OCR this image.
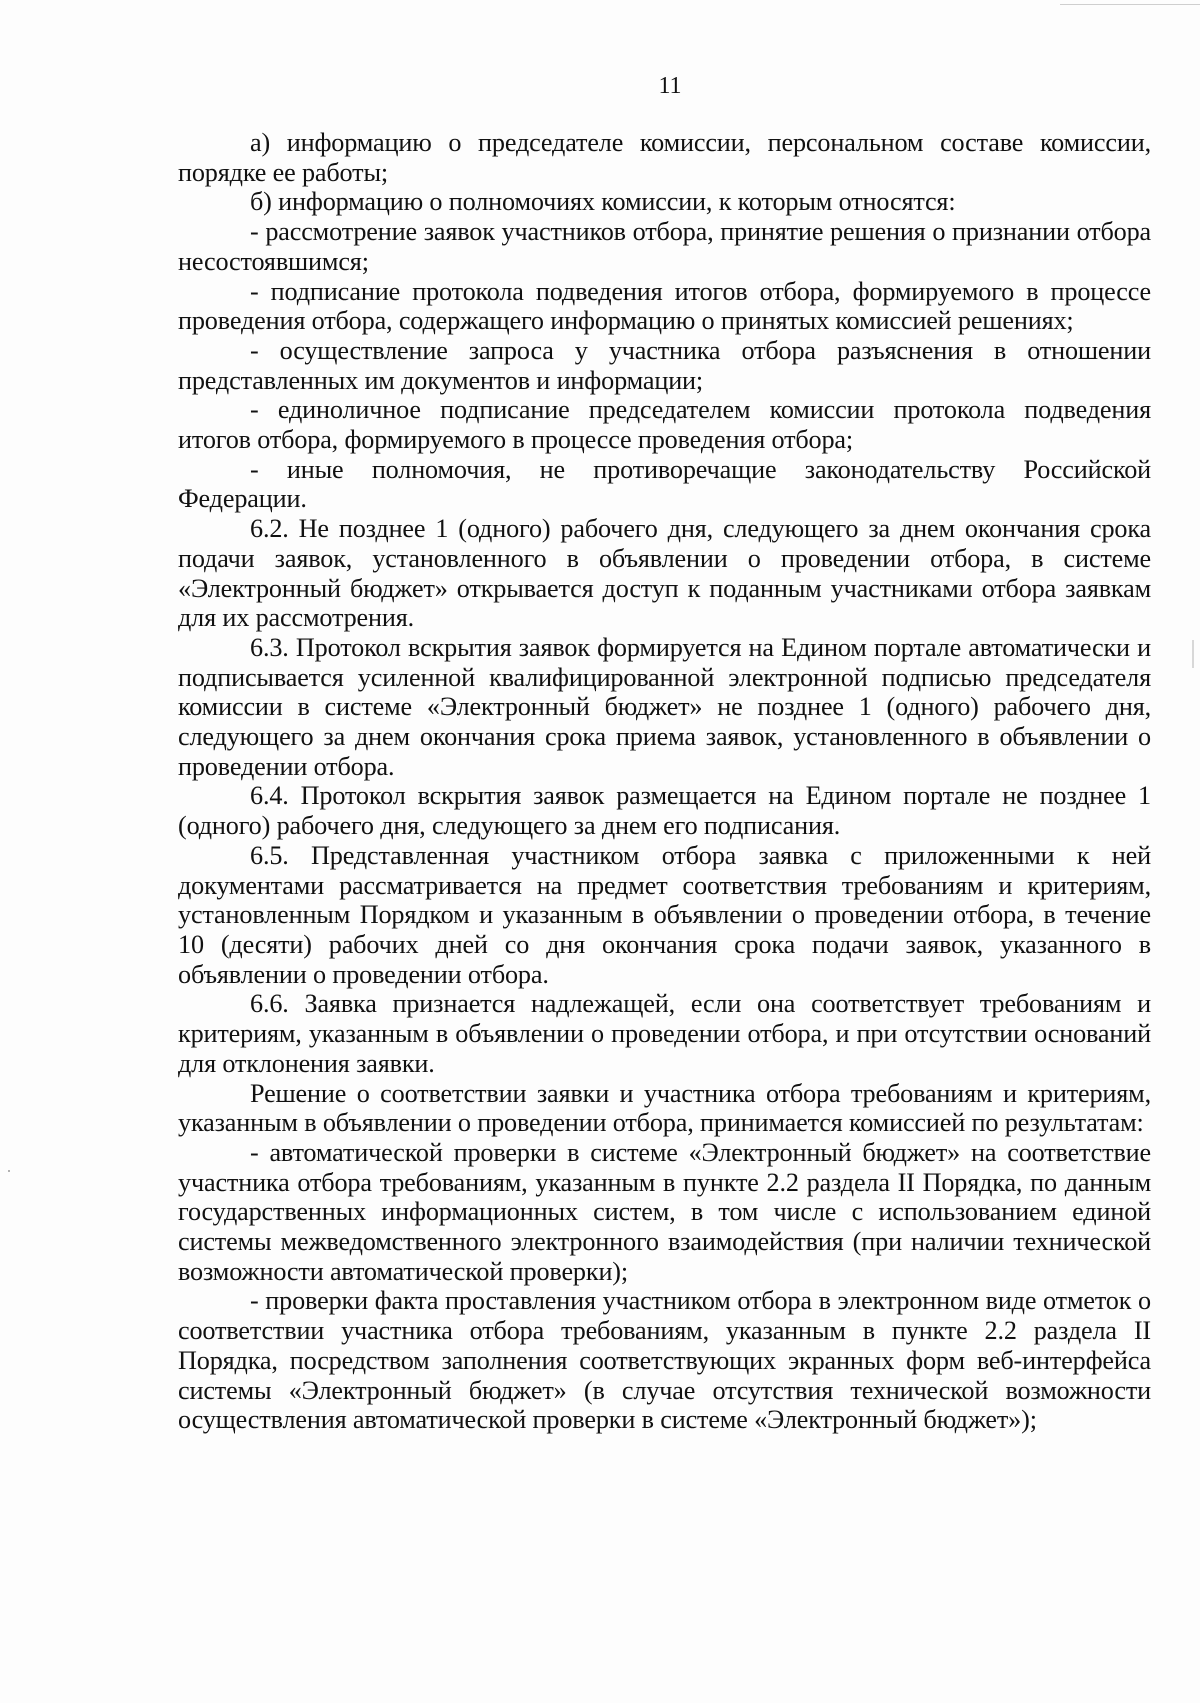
11

а) информацию о председателе комиссии, персональном составе комиссии, порядке ее работы;

б) информацию о полномочиях комиссии, к которым относятся:

- рассмотрение заявок участников отбора, принятие решения о признании отбора несостоявшимся;

- подписание протокола подведения итогов отбора, формируемого в процессе проведения отбора, содержащего информацию о принятых комиссией решениях;

- осуществление запроса у участника отбора разъяснения в отношении представленных им документов и информации;

- единоличное подписание председателем комиссии протокола подведения итогов отбора, формируемого в процессе проведения отбора;

- иные полномочия, не противоречащие законодательству Российской Федерации.

6.2. Не позднее 1 (одного) рабочего дня, следующего за днем окончания срока подачи заявок, установленного в объявлении о проведении отбора, в системе «Электронный бюджет» открывается доступ к поданным участниками отбора заявкам для их рассмотрения.

6.3. Протокол вскрытия заявок формируется на Едином портале автоматически и подписывается усиленной квалифицированной электронной подписью председателя комиссии в системе «Электронный бюджет» не позднее 1 (одного) рабочего дня, следующего за днем окончания срока приема заявок, установленного в объявлении о проведении отбора.

6.4. Протокол вскрытия заявок размещается на Едином портале не позднее 1 (одного) рабочего дня, следующего за днем его подписания.

6.5. Представленная участником отбора заявка с приложенными к ней документами рассматривается на предмет соответствия требованиям и критериям, установленным Порядком и указанным в объявлении о проведении отбора, в течение 10 (десяти) рабочих дней со дня окончания срока подачи заявок, указанного в объявлении о проведении отбора.

6.6. Заявка признается надлежащей, если она соответствует требованиям и критериям, указанным в объявлении о проведении отбора, и при отсутствии оснований для отклонения заявки.

Решение о соответствии заявки и участника отбора требованиям и критериям, указанным в объявлении о проведении отбора, принимается комиссией по результатам:

- автоматической проверки в системе «Электронный бюджет» на соответствие участника отбора требованиям, указанным в пункте 2.2 раздела II Порядка, по данным государственных информационных систем, в том числе с использованием единой системы межведомственного электронного взаимодействия (при наличии технической возможности автоматической проверки);

- проверки факта проставления участником отбора в электронном виде отметок о соответствии участника отбора требованиям, указанным в пункте 2.2 раздела II Порядка, посредством заполнения соответствующих экранных форм веб-интерфейса системы «Электронный бюджет» (в случае отсутствия технической возможности осуществления автоматической проверки в системе «Электронный бюджет»);
